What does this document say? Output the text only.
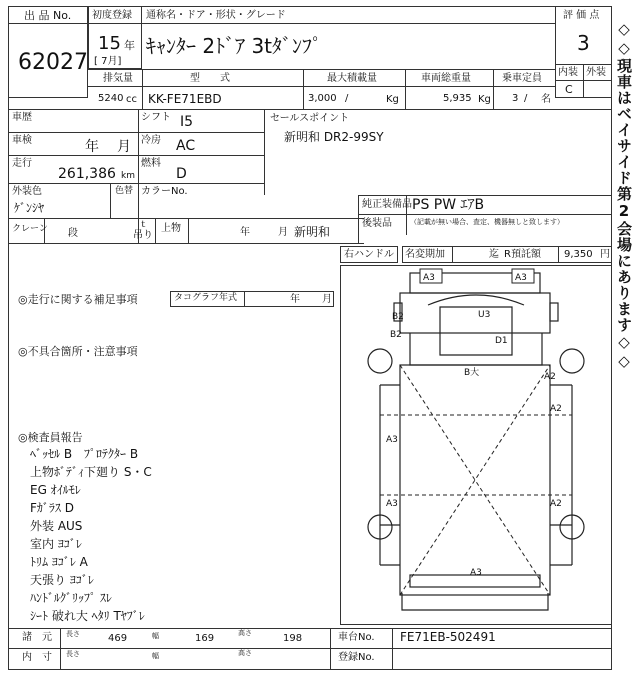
出 品 No.
62027
初度登録
15 年
[ 7月]
通称名・ドア・形状・グレード
ｷｬﾝﾀｰ 2ﾄﾞｱ 3tﾀﾞﾝﾌﾟ
評 価 点
3
内装 外装
C
排気量
5240 cc
型　　式
KK-FE71EBD
最大積載量
3,000 /	Kg
車両総重量
5,935 Kg
乗車定員
3 / 名
車歴	シフト I5
車検	年 月 冷房 AC
走行
261,386 km
燃料
D
外装色
ｹﾞﾝｼﾔ
色替 カラーNo.
クレーン 段
ｔ
吊り
上物	年	月 新明和
セールスポイント
新明和 DR2-99SY
純正装備品 PS PW ｴｱB
後装品	（記載が無い場合、査定、機器無しと致します）
右ハンドル 名変期加	迄 R預託額 9,350 円
◎走行に関する補足事項	タコグラフ年式	年 月
◎不具合箇所・注意事項
◎検査員報告
ﾍﾞｯｾﾙ B　ﾌﾟﾛﾃｸﾀｰ B
上物ﾎﾞﾃﾞｨ下廻り S・C
EG ｵｲﾙﾓﾚ
Fｶﾞﾗｽ D
外装 AUS
室内 ﾖｺﾞﾚ
ﾄﾘﾑ ﾖｺﾞﾚ A
天張り ﾖｺﾞﾚ
ﾊﾝﾄﾞﾙｸﾞﾘｯﾌﾟ ｽﾚ
ｼｰﾄ 破れ大 ﾍﾀﾘ Tﾔﾌﾞﾚ
A3	A3
B2	U3
B2
D1
B大	A2
A2
A3
A3	A2
A3
諸　元 長さ	469	幅	169	高さ	198	車台No. FE71EB-502491
内　寸 長さ	幅	高さ	登録No.
◇◇現車はベイサイド第2会場にあります◇◇
